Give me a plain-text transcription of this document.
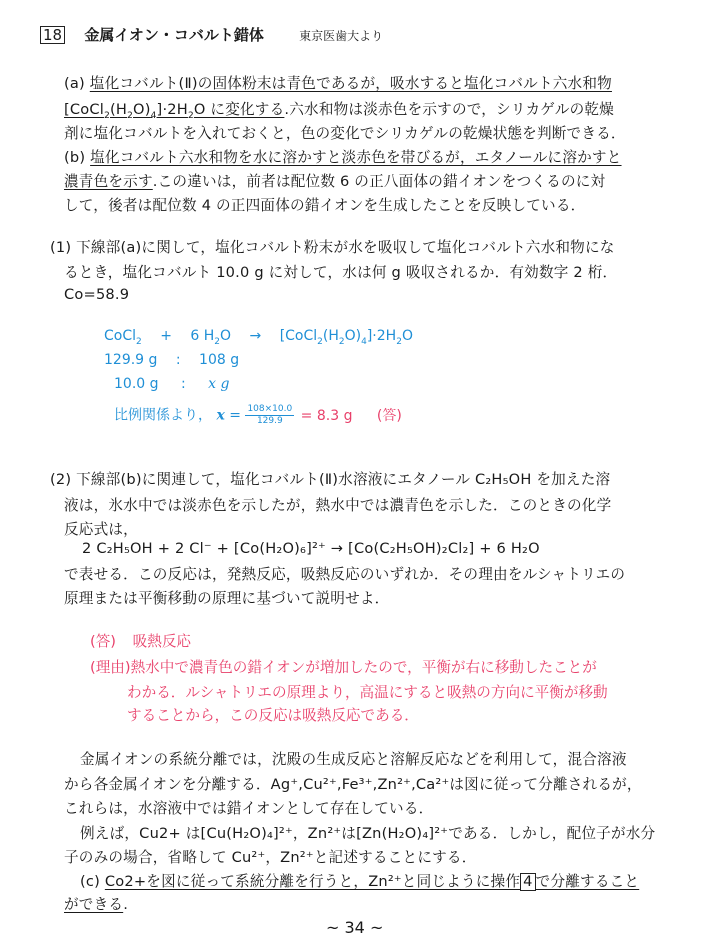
18 金属イオン・コバルト錯体	東京医歯大より
(a) 塩化コバルト(Ⅱ)の固体粉末は青色であるが，吸水すると塩化コバルト六水和物
$[CoCl_2(H_2O)_4]\cdot 2H_2O$ に変化する.六水和物は淡赤色を示すので，シリカゲルの乾燥
剤に塩化コバルトを入れておくと，色の変化でシリカゲルの乾燥状態を判断できる．
(b) 塩化コバルト六水和物を水に溶かすと淡赤色を帯びるが，エタノールに溶かすと
濃青色を示す.この違いは，前者は配位数 6 の正八面体の錯イオンをつくるのに対
して，後者は配位数 4 の正四面体の錯イオンを生成したことを反映している．
(1) 下線部(a)に関して，塩化コバルト粉末が水を吸収して塩化コバルト六水和物にな
るとき，塩化コバルト 10.0 g に対して，水は何 g 吸収されるか．有効数字 2 桁．
Co=58.9
CoCl$_2$ + 6 $H_2O$ → $[CoCl_2(H_2O)_4]\cdot 2H_2O$
129.9 g : 108 g
10.0 g : x g
比例関係より， $x = \frac{108\times 10.0}{129.9} = 8.3$ g (答)
(2) 下線部(b)に関連して，塩化コバルト(Ⅱ)水溶液にエタノール C₂H₅OH を加えた溶
液は，氷水中では淡赤色を示したが，熱水中では濃青色を示した．このときの化学
反応式は，
2 C₂H₅OH + 2 Cl⁻ + [Co(H₂O)₆]²⁺ → [Co(C₂H₅OH)₂Cl₂] + 6 H₂O
で表せる．この反応は，発熱反応，吸熱反応のいずれか．その理由をルシャトリエの
原理または平衡移動の原理に基づいて説明せよ．
(答) 吸熱反応
(理由)熱水中で濃青色の錯イオンが増加したので，平衡が右に移動したことが
わかる．ルシャトリエの原理より，高温にすると吸熱の方向に平衡が移動
することから，この反応は吸熱反応である．
金属イオンの系統分離では，沈殿の生成反応と溶解反応などを利用して，混合溶液
から各金属イオンを分離する．Ag⁺,Cu²⁺,Fe³⁺,Zn²⁺,Ca²⁺は図に従って分離されるが，
これらは，水溶液中では錯イオンとして存在している．
例えば，Cu2+ は[Cu(H₂O)₄]²⁺，Zn²⁺は[Zn(H₂O)₄]²⁺である．しかし，配位子が水分
子のみの場合，省略して Cu²⁺，Zn²⁺と記述することにする．
(c) Co2+を図に従って系統分離を行うと，Zn²⁺と同じように操作 4 で分離すること
ができる.
~ 34 ~
